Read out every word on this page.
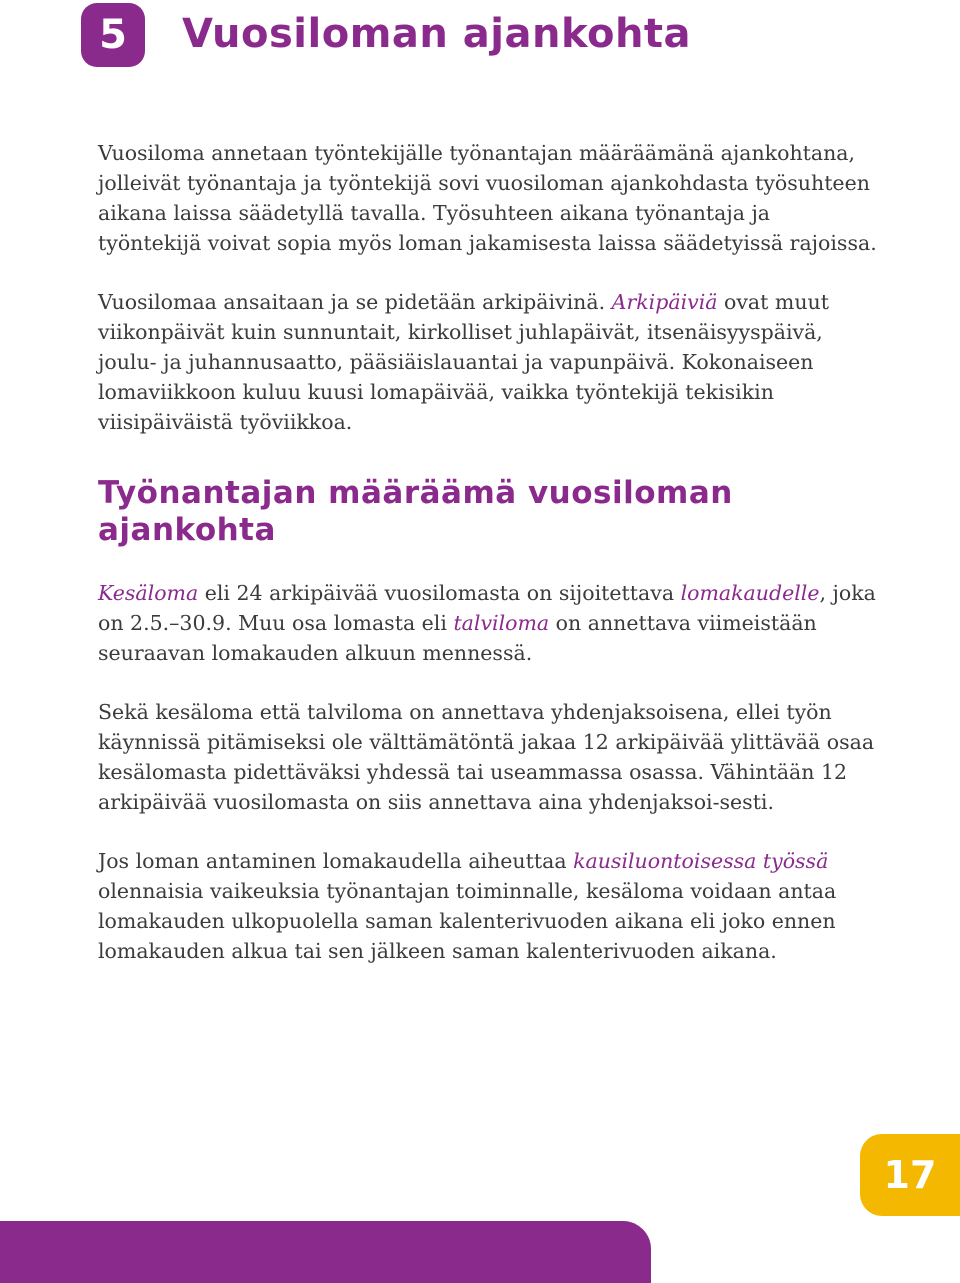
5	Vuosiloman ajankohta

Vuosiloma annetaan työntekijälle työnantajan määräämänä ajankohtana, jolleivät työnantaja ja työntekijä sovi vuosiloman ajankohdasta työsuhteen aikana laissa säädetyllä tavalla. Työsuhteen aikana työnantaja ja työntekijä voivat sopia myös loman jakamisesta laissa säädetyissä rajoissa.

Vuosilomaa ansaitaan ja se pidetään arkipäivinä. Arkipäiviä ovat muut viikonpäivät kuin sunnuntait, kirkolliset juhlapäivät, itsenäisyyspäivä, joulu- ja juhannusaatto, pääsiäislauantai ja vapunpäivä. Kokonaiseen lomaviikkoon kuluu kuusi lomapäivää, vaikka työntekijä tekisikin viisipäiväistä työviikkoa.

Työnantajan määräämä vuosiloman ajankohta

Kesäloma eli 24 arkipäivää vuosilomasta on sijoitettava lomakaudelle, joka on 2.5.–30.9. Muu osa lomasta eli talviloma on annettava viimeistään seuraavan lomakauden alkuun mennessä.

Sekä kesäloma että talviloma on annettava yhdenjaksoisena, ellei työn käynnissä pitämiseksi ole välttämätöntä jakaa 12 arkipäivää ylittävää osaa kesälomasta pidettäväksi yhdessä tai useammassa osassa. Vähintään 12 arkipäivää vuosilomasta on siis annettava aina yhdenjaksoi-sesti.

Jos loman antaminen lomakaudella aiheuttaa kausiluontoisessa työssä olennaisia vaikeuksia työnantajan toiminnalle, kesäloma voidaan antaa lomakauden ulkopuolella saman kalenterivuoden aikana eli joko ennen lomakauden alkua tai sen jälkeen saman kalenterivuoden aikana.

17
